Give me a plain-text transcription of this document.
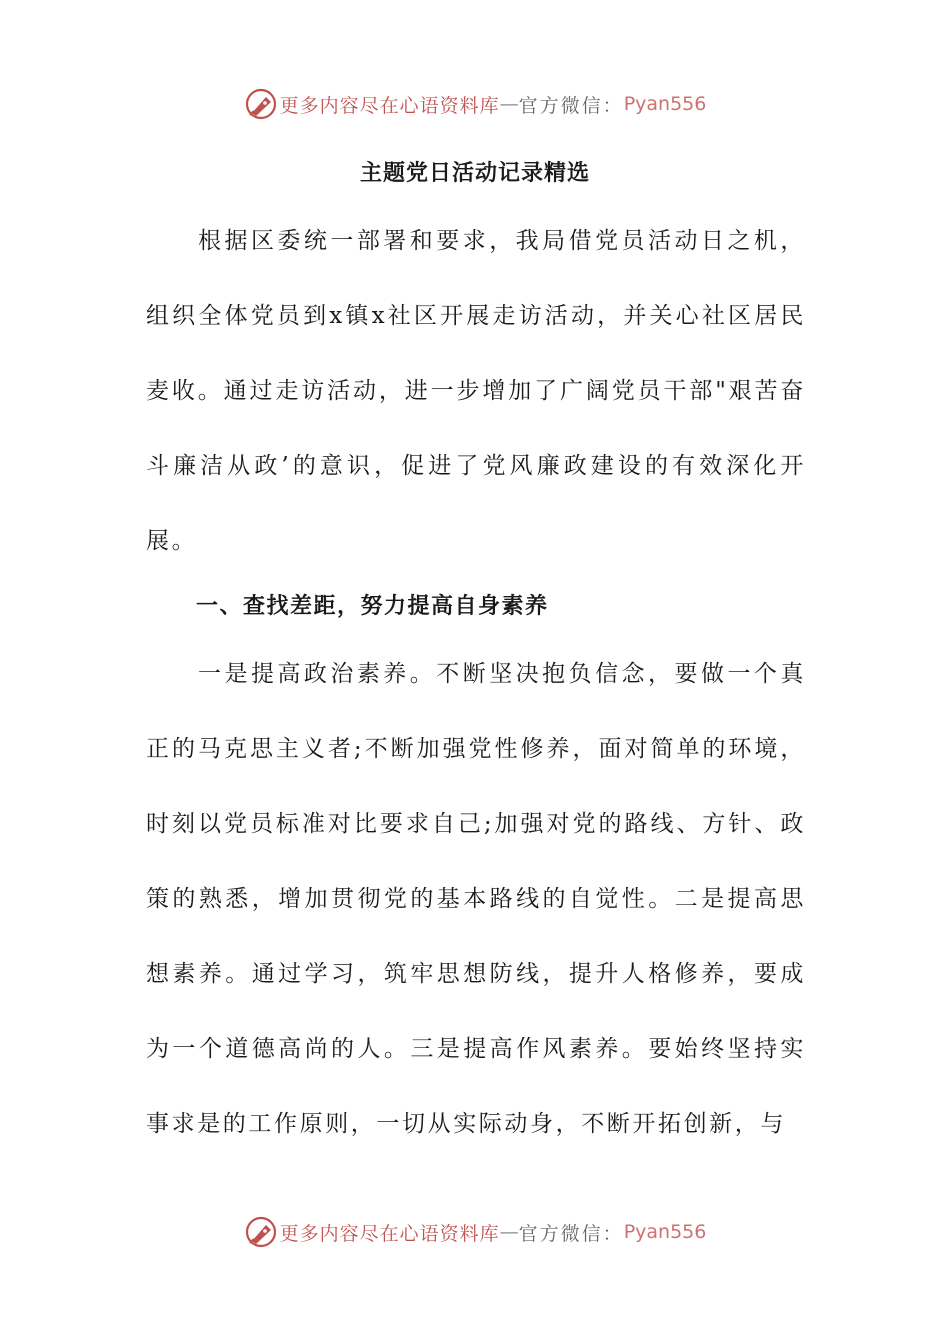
更多内容尽在心语资料库 — 官方微信： Pyan556
主题党日活动记录精选

根据区委统一部署和要求，我局借党员活动日之机，组织全体党员到x镇x社区开展走访活动，并关心社区居民麦收。通过走访活动，进一步增加了广阔党员干部"艰苦奋斗廉洁从政’的意识，促进了党风廉政建设的有效深化开展。

一、查找差距，努力提高自身素养

一是提高政治素养。不断坚决抱负信念，要做一个真正的马克思主义者;不断加强党性修养，面对简单的环境，时刻以党员标准对比要求自己;加强对党的路线、方针、政策的熟悉，增加贯彻党的基本路线的自觉性。二是提高思想素养。通过学习，筑牢思想防线，提升人格修养，要成为一个道德高尚的人。三是提高作风素养。要始终坚持实事求是的工作原则，一切从实际动身，不断开拓创新，与

更多内容尽在心语资料库 — 官方微信： Pyan556
